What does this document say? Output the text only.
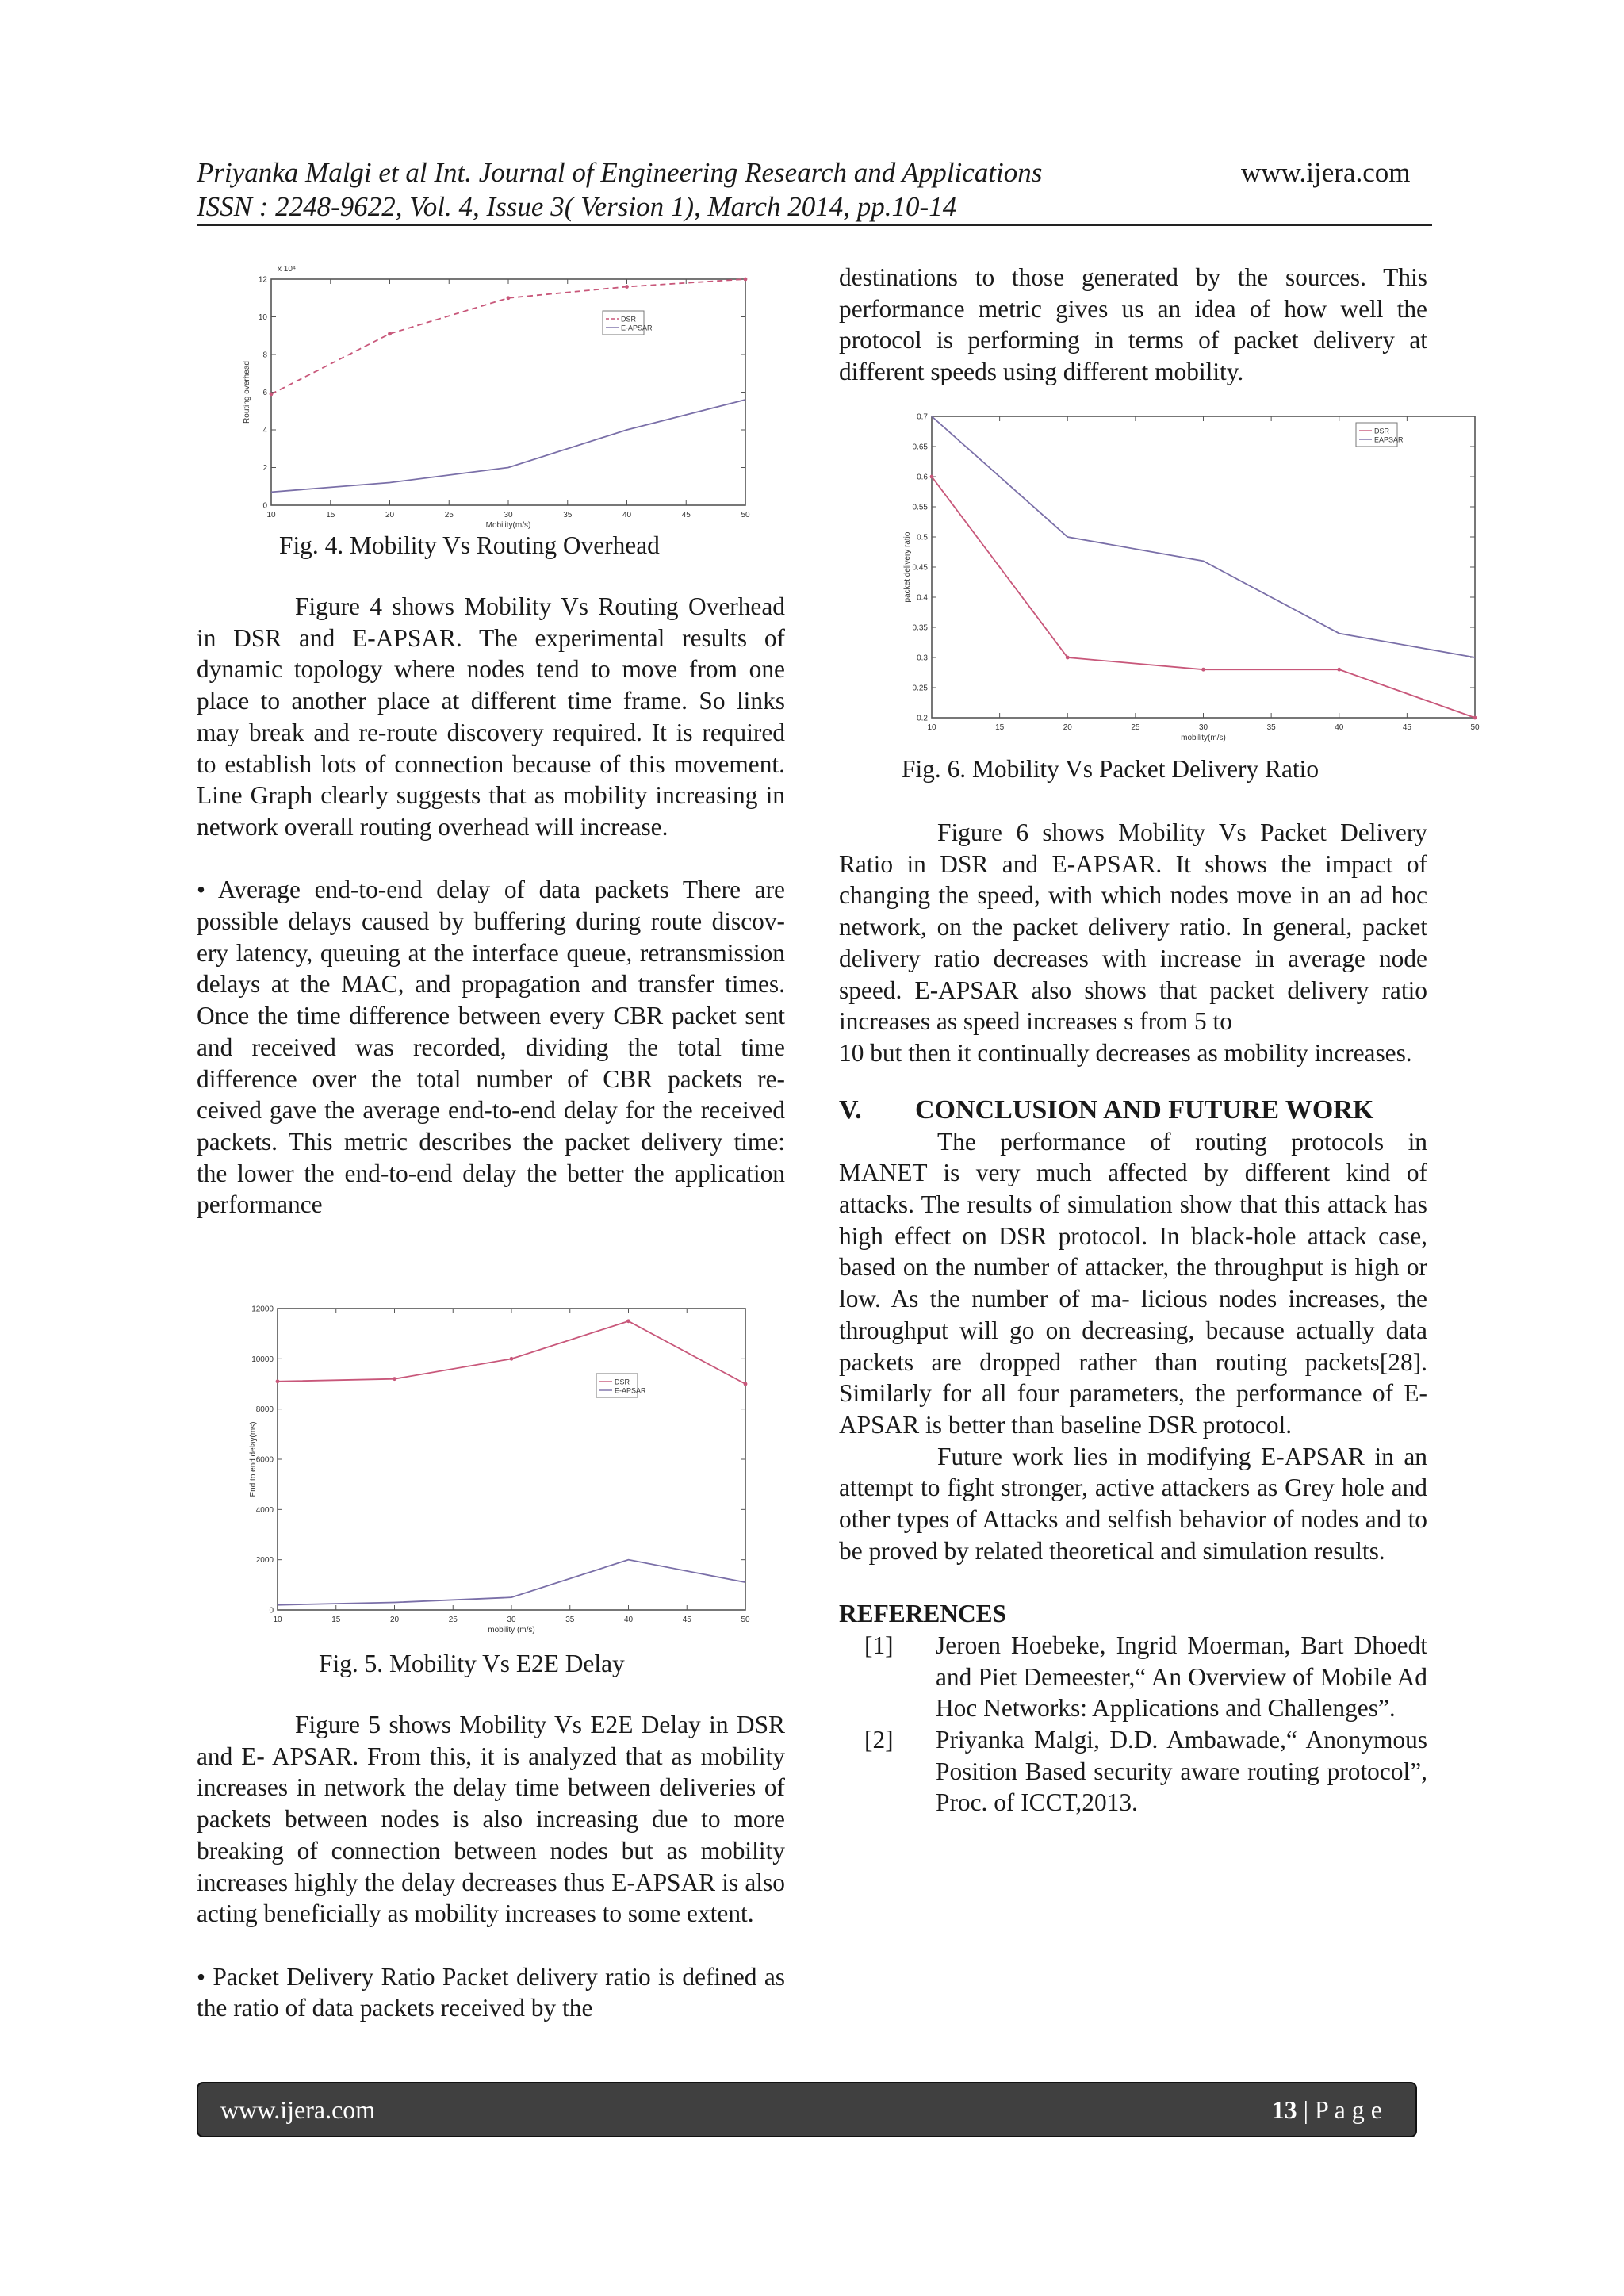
Priyanka Malgi et al Int. Journal of Engineering Research and Applications	www.ijera.com
ISSN : 2248-9622, Vol. 4, Issue 3( Version 1), March 2014, pp.10-14
10	15	20	25	30	35	40	45	50
0
2
4
6
8
10
12
Mobility(m/s)
Routing overhead
x 10⁴
DSR
E-APSAR
Fig. 4. Mobility Vs Routing Overhead
10	15	20	25	30	35	40	45	50
0.2
0.25
0.3
0.35
0.4
0.45
0.5
0.55
0.6
0.65
0.7
mobility(m/s)
packet delivery ratio
DSR
EAPSAR
Fig. 6. Mobility Vs Packet Delivery Ratio
10	15	20	25	30	35	40	45	50
0
2000
4000
6000
8000
10000
12000
mobility (m/s)
End to end delay(ms)
DSR
E-APSAR
Fig. 5. Mobility Vs E2E Delay

Figure 4 shows Mobility Vs Routing Overhead in DSR and E-APSAR. The experimental results of dynamic topology where nodes tend to move from one place to another place at different time frame. So links may break and re-route discovery required. It is required to establish lots of connection because of this movement. Line Graph clearly suggests that as mobility increasing in network overall routing overhead will increase.

• Average end-to-end delay of data packets There are possible delays caused by buffering during route discov- ery latency, queuing at the interface queue, retransmission delays at the MAC, and propagation and transfer times. Once the time difference between every CBR packet sent and received was recorded, dividing the total time difference over the total number of CBR packets re- ceived gave the average end-to-end delay for the received packets. This metric describes the packet delivery time: the lower the end-to-end delay the better the application performance

Figure 5 shows Mobility Vs E2E Delay in DSR and E- APSAR. From this, it is analyzed that as mobility increases in network the delay time between deliveries of packets between nodes is also increasing due to more breaking of connection between nodes but as mobility increases highly the delay decreases thus E-APSAR is also acting beneficially as mobility increases to some extent.

• Packet Delivery Ratio Packet delivery ratio is defined as the ratio of data packets received by the

destinations to those generated by the sources. This performance metric gives us an idea of how well the protocol is performing in terms of packet delivery at different speeds using different mobility.

Figure 6 shows Mobility Vs Packet Delivery Ratio in DSR and E-APSAR. It shows the impact of changing the speed, with which nodes move in an ad hoc network, on the packet delivery ratio. In general, packet delivery ratio decreases with increase in average node speed. E-APSAR also shows that packet delivery ratio increases as speed increases s from 5 to

10 but then it continually decreases as mobility increases.

V.	CONCLUSION AND FUTURE WORK

The performance of routing protocols in MANET is very much affected by different kind of attacks. The results of simulation show that this attack has high effect on DSR protocol. In black-hole attack case, based on the number of attacker, the throughput is high or low. As the number of ma- licious nodes increases, the throughput will go on decreasing, because actually data packets are dropped rather than routing packets[28]. Similarly for all four parameters, the performance of E-APSAR is better than baseline DSR protocol.

Future work lies in modifying E-APSAR in an attempt to fight stronger, active attackers as Grey hole and other types of Attacks and selfish behavior of nodes and to be proved by related theoretical and simulation results.

REFERENCES

[1]	Jeroen Hoebeke, Ingrid Moerman, Bart Dhoedt and Piet Demeester,“ An Overview of Mobile Ad Hoc Networks: Applications and Challenges”.
[2]	Priyanka Malgi, D.D. Ambawade,“ Anonymous Position Based security aware routing protocol”, Proc. of ICCT,2013.
www.ijera.com	13 | P a g e
